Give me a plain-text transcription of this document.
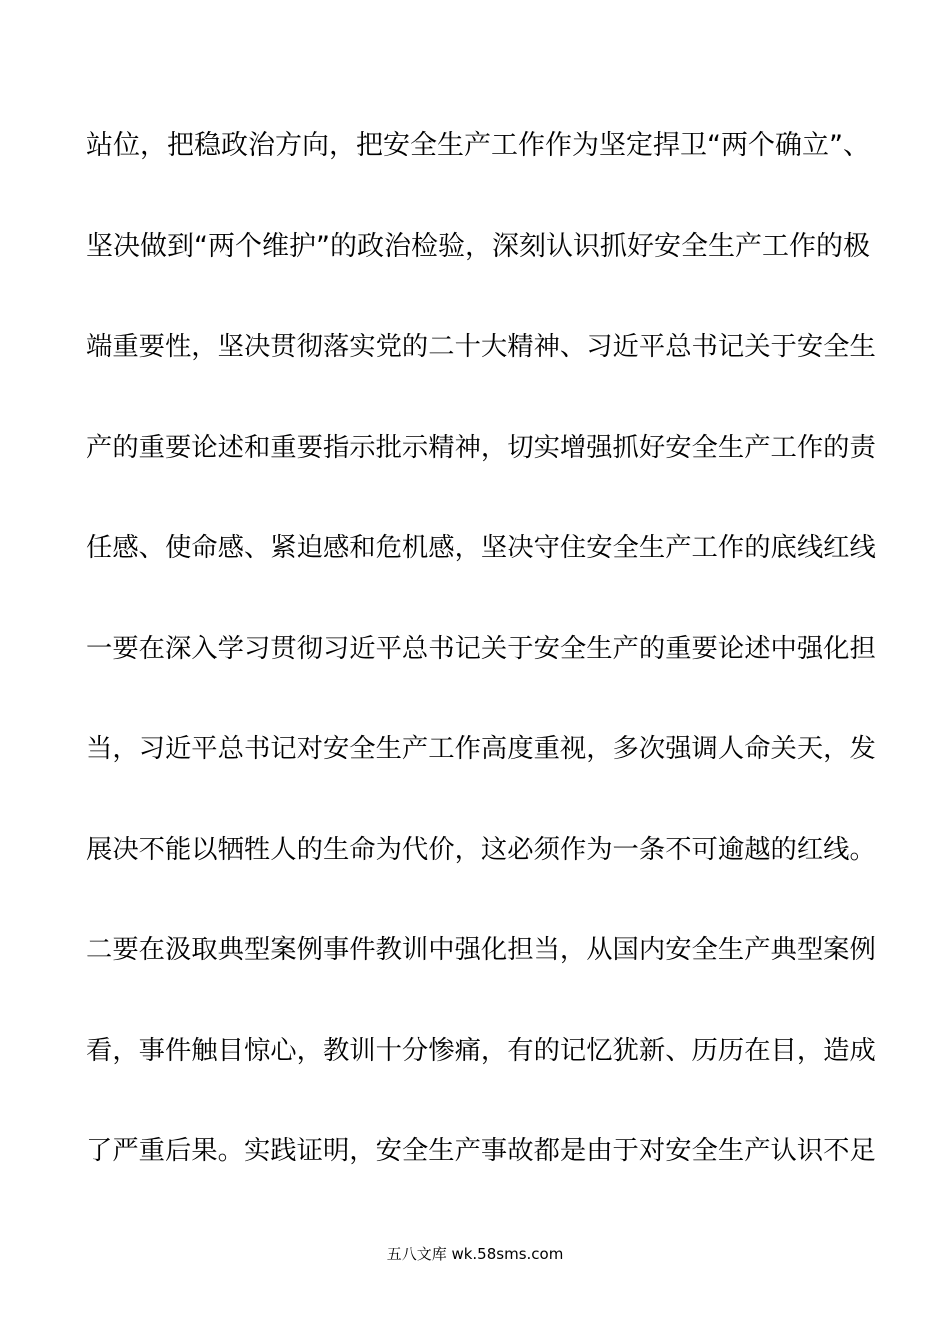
站位，把稳政治方向，把安全生产工作作为坚定捍卫“两个确立”、
坚决做到“两个维护”的政治检验，深刻认识抓好安全生产工作的极
端重要性，坚决贯彻落实党的二十大精神、习近平总书记关于安全生
产的重要论述和重要指示批示精神，切实增强抓好安全生产工作的责
任感、使命感、紧迫感和危机感，坚决守住安全生产工作的底线红线
一要在深入学习贯彻习近平总书记关于安全生产的重要论述中强化担
当，习近平总书记对安全生产工作高度重视，多次强调人命关天，发
展决不能以牺牲人的生命为代价，这必须作为一条不可逾越的红线。
二要在汲取典型案例事件教训中强化担当，从国内安全生产典型案例
看，事件触目惊心，教训十分惨痛，有的记忆犹新、历历在目，造成
了严重后果。实践证明，安全生产事故都是由于对安全生产认识不足
五八文库 wk.58sms.com
